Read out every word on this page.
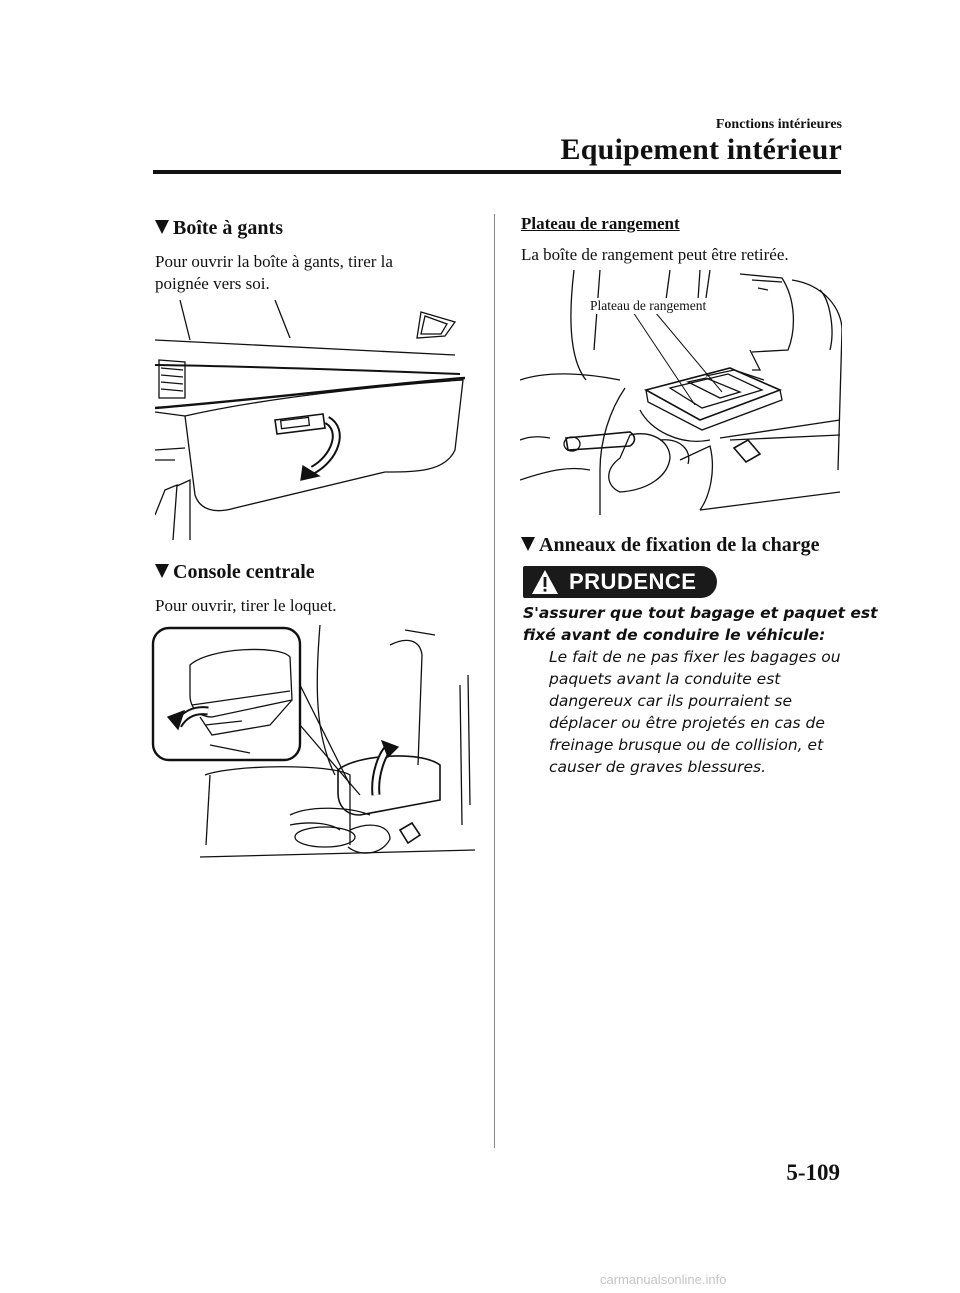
Fonctions intérieures
Equipement intérieur
Boîte à gants
Pour ouvrir la boîte à gants, tirer la
poignée vers soi.
Console centrale
Pour ouvrir, tirer le loquet.
Plateau de rangement
La boîte de rangement peut être retirée.
Plateau de rangement
Anneaux de fixation de la charge
PRUDENCE
S'assurer que tout bagage et paquet est
fixé avant de conduire le véhicule:
Le fait de ne pas fixer les bagages ou
paquets avant la conduite est
dangereux car ils pourraient se
déplacer ou être projetés en cas de
freinage brusque ou de collision, et
causer de graves blessures.
5-109
carmanualsonline.info
